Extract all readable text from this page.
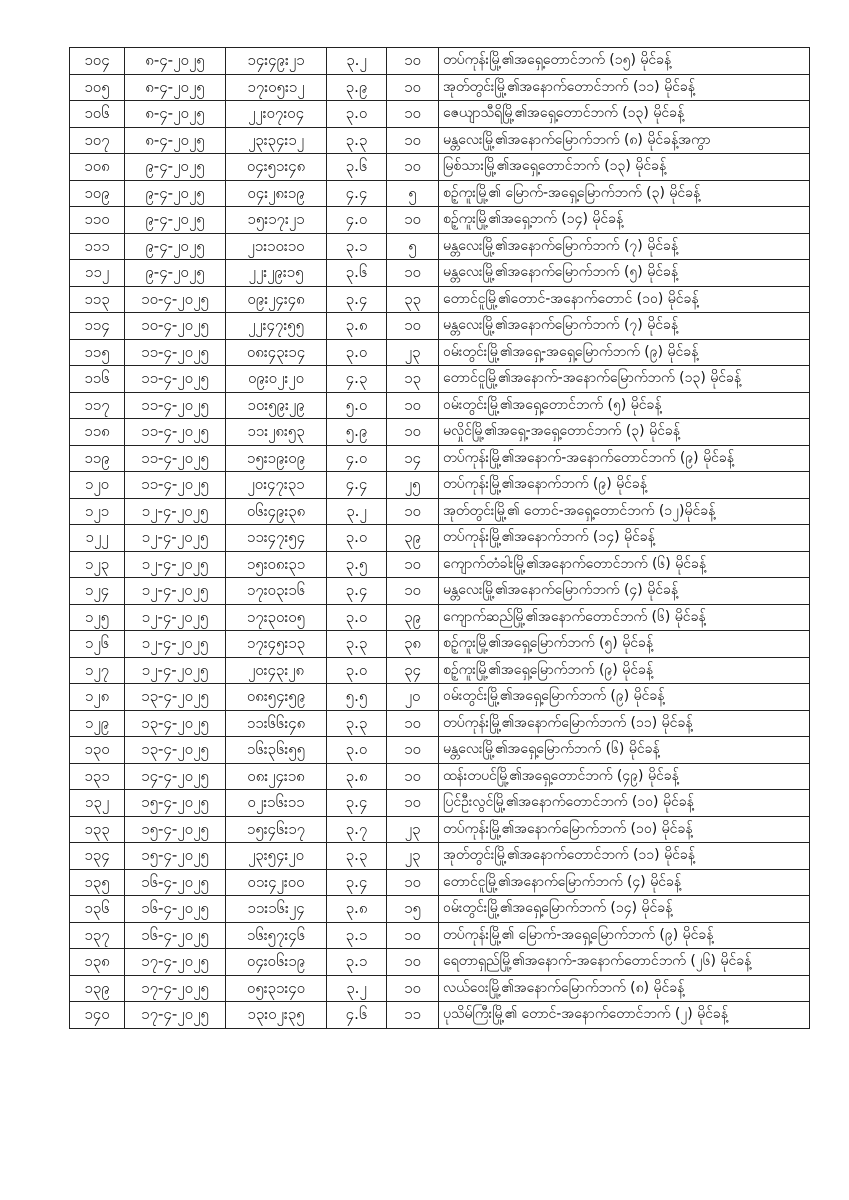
၁၀၄	၈-၄-၂၀၂၅	၁၄း၄၉း၂၁	၃.၂	၁၀	တပ်ကုန်းမြို့၏အရှေ့တောင်ဘက် (၁၅) မိုင်ခန့်
၁၀၅	၈-၄-၂၀၂၅	၁၇း၀၅း၁၂	၃.၉	၁၀	အုတ်တွင်းမြို့၏အနောက်တောင်ဘက် (၁၁) မိုင်ခန့်
၁၀၆	၈-၄-၂၀၂၅	၂၂း၀၇း၀၄	၃.၀	၁၀	ဇေယျာသီရိမြို့၏အရှေ့တောင်ဘက် (၁၃) မိုင်ခန့်
၁၀၇	၈-၄-၂၀၂၅	၂၃း၃၄း၁၂	၃.၃	၁၀	မန္တလေးမြို့၏အနောက်မြောက်ဘက် (၈) မိုင်ခန့်အကွာ
၁၀၈	၉-၄-၂၀၂၅	၀၄း၅၁း၄၈	၃.၆	၁၀	မြစ်သားမြို့၏အရှေ့တောင်ဘက် (၁၃) မိုင်ခန့်
၁၀၉	၉-၄-၂၀၂၅	၀၄း၂၈း၁၉	၄.၄	၅	စဉ့်ကူးမြို့၏ မြောက်-အရှေ့မြောက်ဘက် (၃) မိုင်ခန့်
၁၁၀	၉-၄-၂၀၂၅	၁၅း၁၇း၂၁	၄.၀	၁၀	စဉ့်ကူးမြို့၏အရှေ့ဘက် (၁၄) မိုင်ခန့်
၁၁၁	၉-၄-၂၀၂၅	၂၁း၁၀း၁၀	၃.၁	၅	မန္တလေးမြို့၏အနောက်မြောက်ဘက် (၇) မိုင်ခန့်
၁၁၂	၉-၄-၂၀၂၅	၂၂း၂၉း၁၅	၃.၆	၁၀	မန္တလေးမြို့၏အနောက်မြောက်ဘက် (၅) မိုင်ခန့်
၁၁၃	၁၀-၄-၂၀၂၅	၀၉း၂၄း၄၈	၃.၄	၃၃	တောင်ငူမြို့၏တောင်-အနောက်တောင် (၁၀) မိုင်ခန့်
၁၁၄	၁၀-၄-၂၀၂၅	၂၂း၄၇း၅၅	၃.၈	၁၀	မန္တလေးမြို့၏အနောက်မြောက်ဘက် (၇) မိုင်ခန့်
၁၁၅	၁၁-၄-၂၀၂၅	၀၈း၄၃း၁၄	၃.၀	၂၃	ဝမ်းတွင်းမြို့၏အရှေ့-အရှေ့မြောက်ဘက် (၉) မိုင်ခန့်
၁၁၆	၁၁-၄-၂၀၂၅	၀၉း၀၂း၂၀	၄.၃	၁၃	တောင်ငူမြို့၏အနောက်-အနောက်မြောက်ဘက် (၁၃) မိုင်ခန့်
၁၁၇	၁၁-၄-၂၀၂၅	၁၀း၅၉း၂၉	၅.၀	၁၀	ဝမ်းတွင်းမြို့၏အရှေ့တောင်ဘက် (၅) မိုင်ခန့်
၁၁၈	၁၁-၄-၂၀၂၅	၁၁း၂၈း၅၃	၅.၉	၁၀	မလှိုင်မြို့၏အရှေ့-အရှေ့တောင်ဘက် (၃) မိုင်ခန့်
၁၁၉	၁၁-၄-၂၀၂၅	၁၅း၁၉း၀၉	၄.၀	၁၄	တပ်ကုန်းမြို့၏အနောက်-အနောက်တောင်ဘက် (၉) မိုင်ခန့်
၁၂၀	၁၁-၄-၂၀၂၅	၂၀း၄၇း၃၁	၄.၄	၂၅	တပ်ကုန်းမြို့၏အနောက်ဘက် (၉) မိုင်ခန့်
၁၂၁	၁၂-၄-၂၀၂၅	၀၆း၄၉း၃၈	၃.၂	၁၀	အုတ်တွင်းမြို့၏ တောင်-အရှေ့တောင်ဘက် (၁၂)မိုင်ခန့်
၁၂၂	၁၂-၄-၂၀၂၅	၁၁း၄၇း၅၄	၃.၀	၃၉	တပ်ကုန်းမြို့၏အနောက်ဘက် (၁၄) မိုင်ခန့်
၁၂၃	၁၂-၄-၂၀၂၅	၁၅း၀၈း၃၁	၃.၅	၁၀	ကျောက်တံခါးမြို့၏အနောက်တောင်ဘက် (၆) မိုင်ခန့်
၁၂၄	၁၂-၄-၂၀၂၅	၁၇း၀၃း၁၆	၃.၄	၁၀	မန္တလေးမြို့၏အနောက်မြောက်ဘက် (၄) မိုင်ခန့်
၁၂၅	၁၂-၄-၂၀၂၅	၁၇း၃၀း၀၅	၃.၀	၃၉	ကျောက်ဆည်မြို့၏အနောက်တောင်ဘက် (၆) မိုင်ခန့်
၁၂၆	၁၂-၄-၂၀၂၅	၁၇း၄၅း၁၃	၃.၃	၃၈	စဉ့်ကူးမြို့၏အရှေ့မြောက်ဘက် (၅) မိုင်ခန့်
၁၂၇	၁၂-၄-၂၀၂၅	၂၀း၄၃း၂၈	၃.၀	၃၄	စဉ့်ကူးမြို့၏အရှေ့မြောက်ဘက် (၉) မိုင်ခန့်
၁၂၈	၁၃-၄-၂၀၂၅	၀၈း၅၄း၅၉	၅.၅	၂၀	ဝမ်းတွင်းမြို့၏အရှေ့မြောက်ဘက် (၉) မိုင်ခန့်
၁၂၉	၁၃-၄-၂၀၂၅	၁၁း၆၆း၄၈	၃.၃	၁၀	တပ်ကုန်းမြို့၏အနောက်မြောက်ဘက် (၁၁) မိုင်ခန့်
၁၃၀	၁၃-၄-၂၀၂၅	၁၆း၃၆း၅၅	၃.၀	၁၀	မန္တလေးမြို့၏အရှေ့မြောက်ဘက် (၆) မိုင်ခန့်
၁၃၁	၁၄-၄-၂၀၂၅	၀၈း၂၄း၁၈	၃.၈	၁၀	ထန်းတပင်မြို့၏အရှေ့တောင်ဘက် (၄၉) မိုင်ခန့်
၁၃၂	၁၅-၄-၂၀၂၅	၀၂း၁၆း၁၁	၃.၄	၁၀	ပြင်ဦးလွင်မြို့၏အနောက်တောင်ဘက် (၁၀) မိုင်ခန့်
၁၃၃	၁၅-၄-၂၀၂၅	၁၅း၄၆း၁၇	၃.၇	၂၃	တပ်ကုန်းမြို့၏အနောက်မြောက်ဘက် (၁၀) မိုင်ခန့်
၁၃၄	၁၅-၄-၂၀၂၅	၂၃း၅၄း၂၀	၃.၃	၂၃	အုတ်တွင်းမြို့၏အနောက်တောင်ဘက် (၁၁) မိုင်ခန့်
၁၃၅	၁၆-၄-၂၀၂၅	၀၁း၄၂း၀၀	၃.၄	၁၀	တောင်ငူမြို့၏အနောက်မြောက်ဘက် (၄) မိုင်ခန့်
၁၃၆	၁၆-၄-၂၀၂၅	၁၁း၁၆း၂၄	၃.၈	၁၅	ဝမ်းတွင်းမြို့၏အရှေ့မြောက်ဘက် (၁၄) မိုင်ခန့်
၁၃၇	၁၆-၄-၂၀၂၅	၁၆း၅၇း၄၆	၃.၁	၁၀	တပ်ကုန်းမြို့၏ မြောက်-အရှေ့မြောက်ဘက် (၉) မိုင်ခန့်
၁၃၈	၁၇-၄-၂၀၂၅	၀၄း၀၆း၁၉	၃.၁	၁၀	ရေတာရှည်မြို့၏အနောက်-အနောက်တောင်ဘက် (၂၆) မိုင်ခန့်
၁၃၉	၁၇-၄-၂၀၂၅	၀၅း၃၁း၄၀	၃.၂	၁၀	လယ်ဝေးမြို့၏အနောက်မြောက်ဘက် (၈) မိုင်ခန့်
၁၄၀	၁၇-၄-၂၀၂၅	၁၃း၀၂း၃၅	၄.၆	၁၁	ပုသိမ်ကြီးမြို့၏ တောင်-အနောက်တောင်ဘက် (၂) မိုင်ခန့်
